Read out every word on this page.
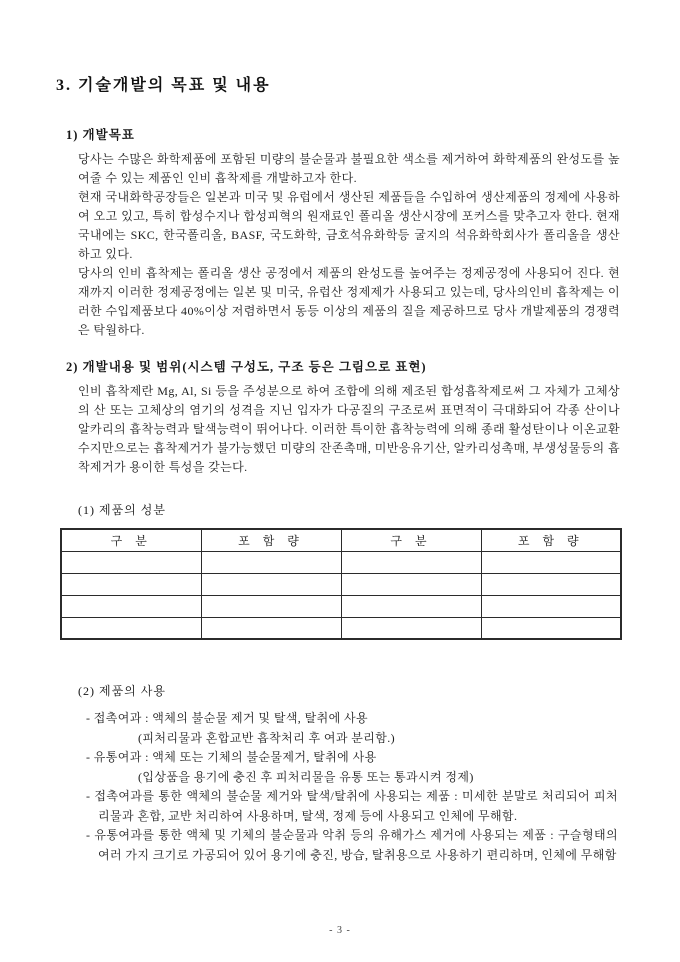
3. 기술개발의 목표 및 내용
1) 개발목표

당사는 수많은 화학제품에 포함된 미량의 불순물과 불필요한 색소를 제거하여 화학제품의 완성도를 높여줄 수 있는 제품인 인비 흡착제를 개발하고자 한다.

현재 국내화학공장들은 일본과 미국 및 유럽에서 생산된 제품들을 수입하여 생산제품의 정제에 사용하여 오고 있고, 특히 합성수지나 합성피혁의 원재료인 폴리올 생산시장에 포커스를 맞추고자 한다. 현재 국내에는 SKC, 한국폴리올, BASF, 국도화학, 금호석유화학등 굴지의 석유화학회사가 폴리올을 생산하고 있다.

당사의 인비 흡착제는 폴리올 생산 공정에서 제품의 완성도를 높여주는 정제공정에 사용되어 진다. 현재까지 이러한 정제공정에는 일본 및 미국, 유럽산 정제제가 사용되고 있는데, 당사의인비 흡착제는 이러한 수입제품보다 40%이상 저렴하면서 동등 이상의 제품의 질을 제공하므로 당사 개발제품의 경쟁력은 탁월하다.

2) 개발내용 및 범위(시스템 구성도, 구조 등은 그림으로 표현)

인비 흡착제란 Mg, Al, Si 등을 주성분으로 하여 조합에 의해 제조된 합성흡착제로써 그 자체가 고체상의 산 또는 고체상의 염기의 성격을 지닌 입자가 다공질의 구조로써 표면적이 극대화되어 각종 산이나 알카리의 흡착능력과 탈색능력이 뛰어나다. 이러한 특이한 흡착능력에 의해 종래 활성탄이나 이온교환수지만으로는 흡착제거가 불가능했던 미량의 잔존촉매, 미반응유기산, 알카리성촉매, 부생성물등의 흡착제거가 용이한 특성을 갖는다.

(1) 제품의 성분
구 분	포 함 량	구 분	포 함 량

(2) 제품의 사용

- 접촉여과 : 액체의 불순물 제거 및 탈색, 탈취에 사용

(피처리물과 혼합교반 흡착처리 후 여과 분리함.)

- 유통여과 : 액체 또는 기체의 불순물제거, 탈취에 사용

(입상품을 용기에 충진 후 피처리물을 유통 또는 통과시켜 정제)

- 접촉여과를 통한 액체의 불순물 제거와 탈색/탈취에 사용되는 제품 : 미세한 분말로 처리되어 피처리물과 혼합, 교반 처리하여 사용하며, 탈색, 정제 등에 사용되고 인체에 무해함.

- 유통여과를 통한 액체 및 기체의 불순물과 악취 등의 유해가스 제거에 사용되는 제품 : 구슬형태의 여러 가지 크기로 가공되어 있어 용기에 충진, 방습, 탈취용으로 사용하기 편리하며, 인체에 무해함

- 3 -
